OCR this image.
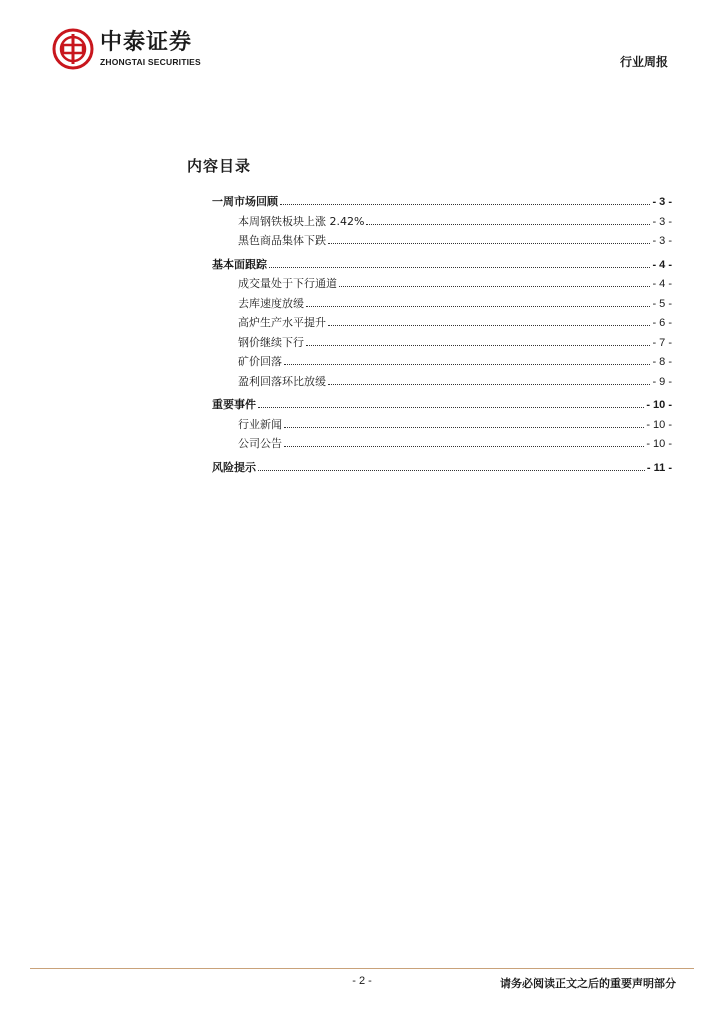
中泰证券
ZHONGTAI SECURITIES	行业周报
内容目录
一周市场回顾	- 3 -
本周钢铁板块上涨 2.42%	- 3 -
黑色商品集体下跌	- 3 -
基本面跟踪	- 4 -
成交量处于下行通道	- 4 -
去库速度放缓	- 5 -
高炉生产水平提升	- 6 -
钢价继续下行	- 7 -
矿价回落	- 8 -
盈利回落环比放缓	- 9 -
重要事件	- 10 -
行业新闻	- 10 -
公司公告	- 10 -
风险提示	- 11 -
- 2 -	请务必阅读正文之后的重要声明部分
